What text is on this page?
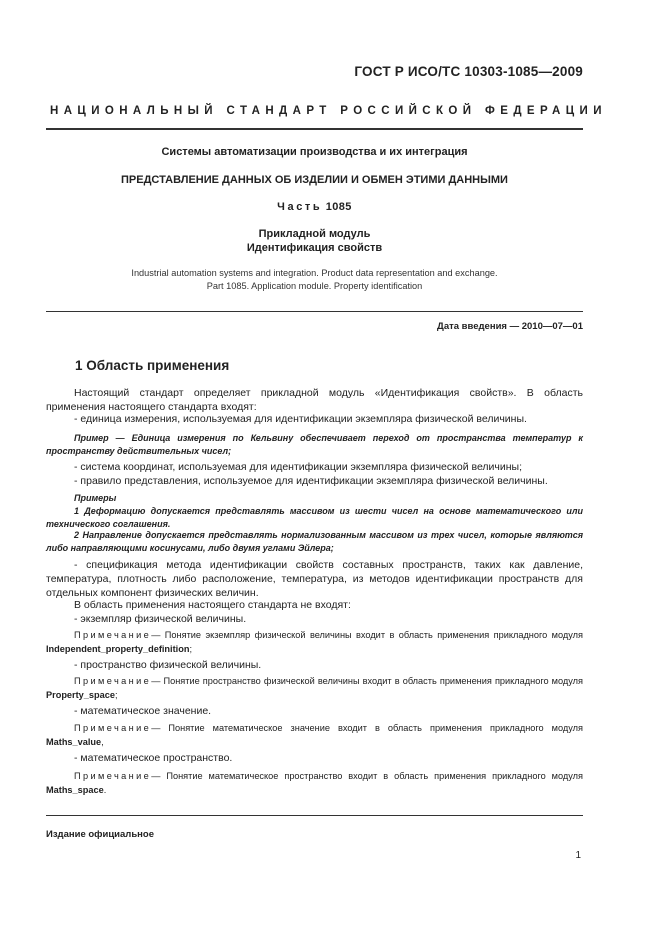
ГОСТ Р ИСО/ТС 10303-1085—2009
НАЦИОНАЛЬНЫЙ СТАНДАРТ РОССИЙСКОЙ ФЕДЕРАЦИИ
Системы автоматизации производства и их интеграция
ПРЕДСТАВЛЕНИЕ ДАННЫХ ОБ ИЗДЕЛИИ И ОБМЕН ЭТИМИ ДАННЫМИ
Часть 1085
Прикладной модуль
Идентификация свойств
Industrial automation systems and integration. Product data representation and exchange.
Part 1085. Application module. Property identification
Дата введения — 2010—07—01
1 Область применения
Настоящий стандарт определяет прикладной модуль «Идентификация свойств». В область применения настоящего стандарта входят:
- единица измерения, используемая для идентификации экземпляра физической величины.
Пример — Единица измерения по Кельвину обеспечивает переход от пространства температур к пространству действительных чисел;
- система координат, используемая для идентификации экземпляра физической величины;
- правило представления, используемое для идентификации экземпляра физической величины.
Примеры
1 Деформацию допускается представлять массивом из шести чисел на основе математического или технического соглашения.
2 Направление допускается представлять нормализованным массивом из трех чисел, которые являются либо направляющими косинусами, либо двумя углами Эйлера;
- спецификация метода идентификации свойств составных пространств, таких как давление, температура, плотность либо расположение, температура, из методов идентификации пространств для отдельных компонент физических величин.
В область применения настоящего стандарта не входят:
- экземпляр физической величины.
Примечание— Понятие экземпляр физической величины входит в область применения прикладного модуля Independent_property_definition;
- пространство физической величины.
Примечание— Понятие пространство физической величины входит в область применения прикладного модуля Property_space;
- математическое значение.
Примечание— Понятие математическое значение входит в область применения прикладного модуля Maths_value,
- математическое пространство.
Примечание— Понятие математическое пространство входит в область применения прикладного модуля Maths_space.
Издание официальное
1
